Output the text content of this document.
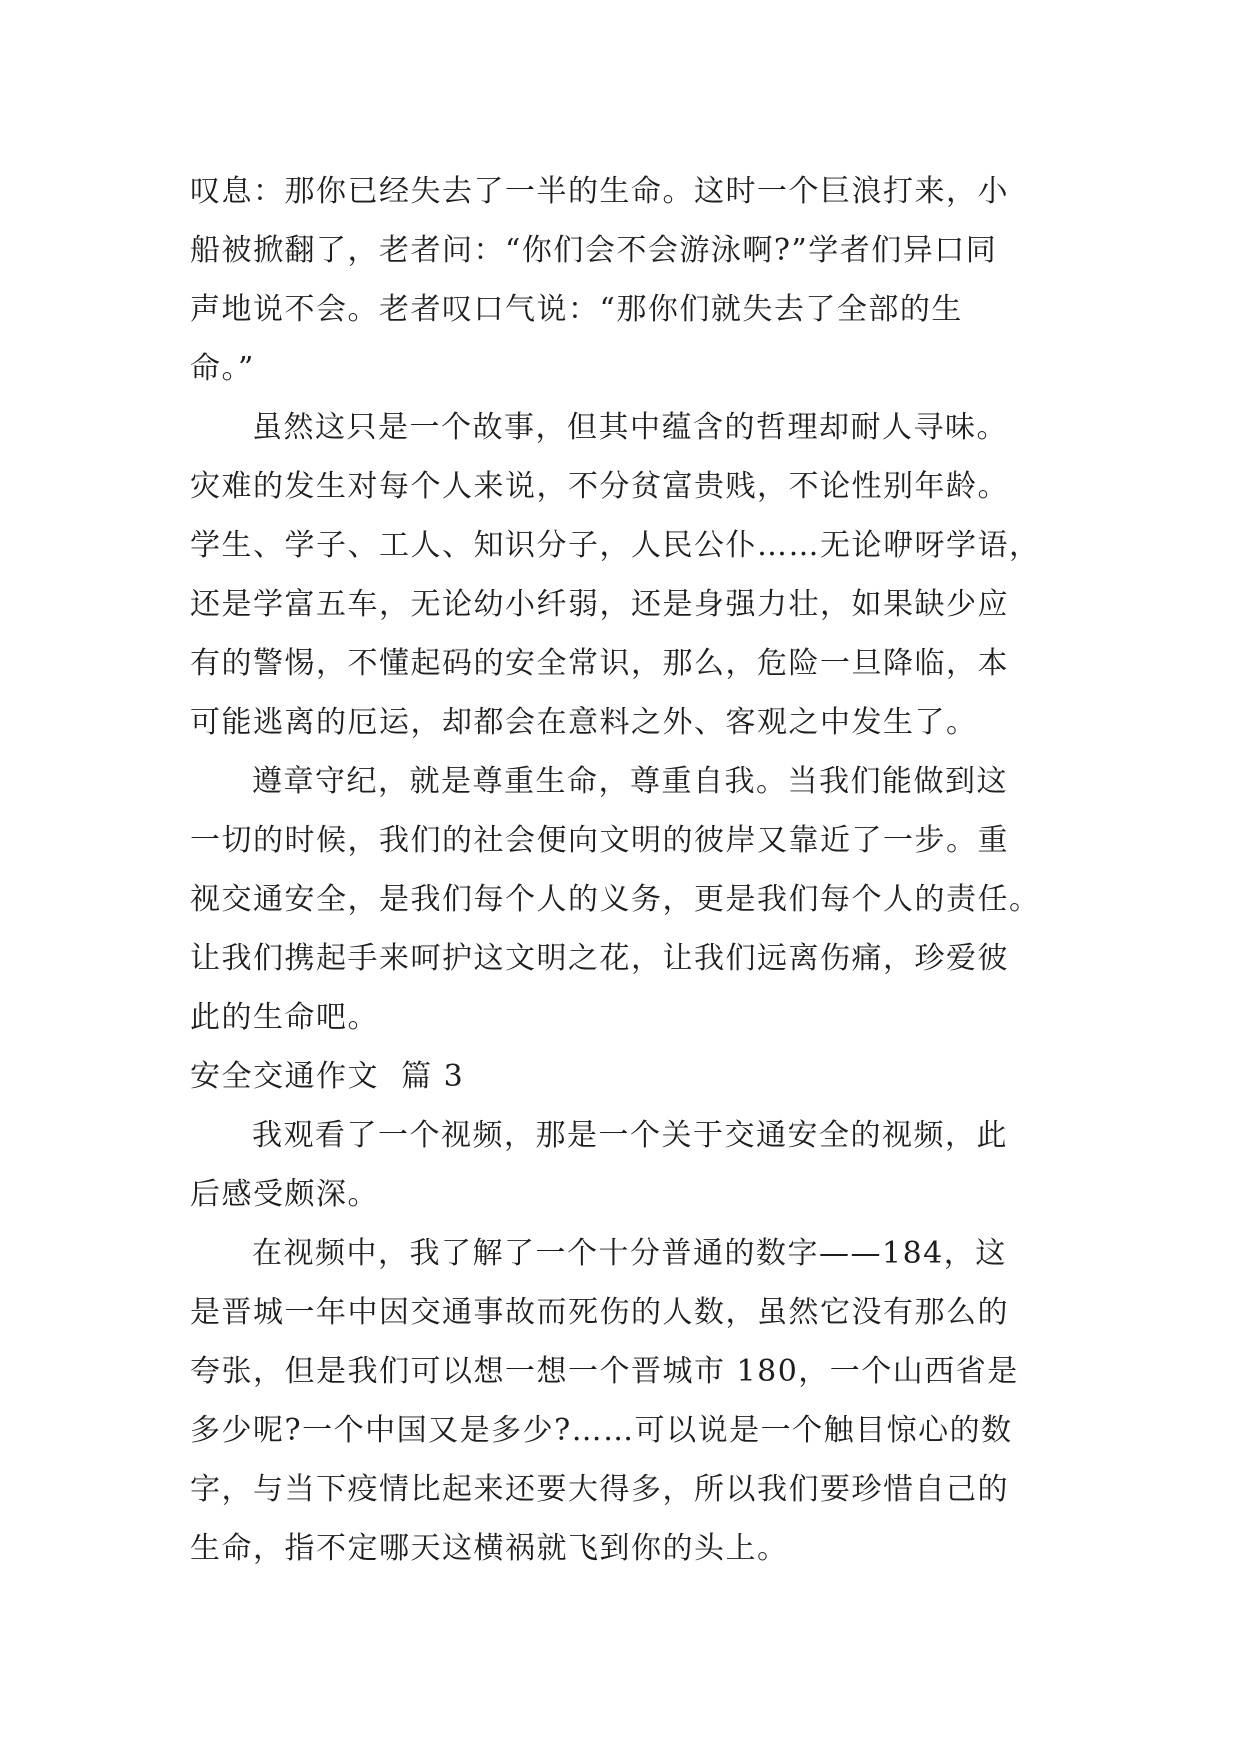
叹息：那你已经失去了一半的生命。这时一个巨浪打来，小
船被掀翻了，老者问：“你们会不会游泳啊?”学者们异口同
声地说不会。老者叹口气说：“那你们就失去了全部的生
命。”
虽然这只是一个故事，但其中蕴含的哲理却耐人寻味。
灾难的发生对每个人来说，不分贫富贵贱，不论性别年龄。
学生、学子、工人、知识分子，人民公仆……无论咿呀学语，
还是学富五车，无论幼小纤弱，还是身强力壮，如果缺少应
有的警惕，不懂起码的安全常识，那么，危险一旦降临，本
可能逃离的厄运，却都会在意料之外、客观之中发生了。
遵章守纪，就是尊重生命，尊重自我。当我们能做到这
一切的时候，我们的社会便向文明的彼岸又靠近了一步。重
视交通安全，是我们每个人的义务，更是我们每个人的责任。
让我们携起手来呵护这文明之花，让我们远离伤痛，珍爱彼
此的生命吧。
安全交通作文  篇 3
我观看了一个视频，那是一个关于交通安全的视频，此
后感受颇深。
在视频中，我了解了一个十分普通的数字——184，这
是晋城一年中因交通事故而死伤的人数，虽然它没有那么的
夸张，但是我们可以想一想一个晋城市 180，一个山西省是
多少呢?一个中国又是多少?……可以说是一个触目惊心的数
字，与当下疫情比起来还要大得多，所以我们要珍惜自己的
生命，指不定哪天这横祸就飞到你的头上。
